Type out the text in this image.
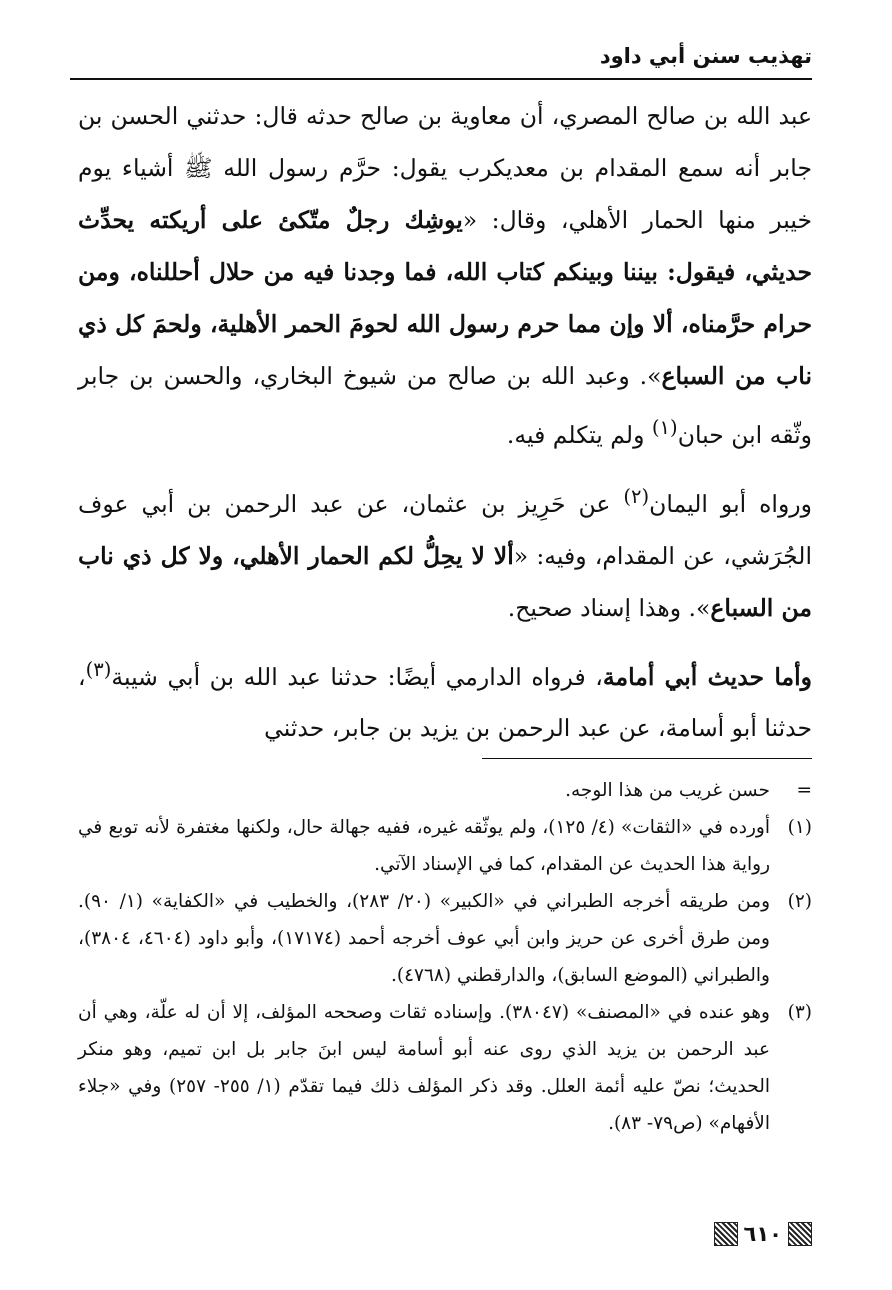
تهذيب سنن أبي داود

عبد الله بن صالح المصري، أن معاوية بن صالح حدثه قال: حدثني الحسن بن جابر أنه سمع المقدام بن معديكرب يقول: حرَّم رسول الله ﷺ أشياء يوم خيبر منها الحمار الأهلي، وقال: «يوشِك رجلٌ متّكئ على أريكته يحدِّث حديثي، فيقول: بيننا وبينكم كتاب الله، فما وجدنا فيه من حلال أحللناه، ومن حرام حرَّمناه، ألا وإن مما حرم رسول الله لحومَ الحمر الأهلية، ولحمَ كل ذي ناب من السباع». وعبد الله بن صالح من شيوخ البخاري، والحسن بن جابر وثّقه ابن حبان$^{(١)}$ ولم يتكلم فيه.

ورواه أبو اليمان$^{(٢)}$ عن حَرِيز بن عثمان، عن عبد الرحمن بن أبي عوف الجُرَشي، عن المقدام، وفيه: «ألا لا يحِلُّ لكم الحمار الأهلي، ولا كل ذي ناب من السباع». وهذا إسناد صحيح.

وأما حديث أبي أمامة، فرواه الدارمي أيضًا: حدثنا عبد الله بن أبي شيبة$^{(٣)}$، حدثنا أبو أسامة، عن عبد الرحمن بن يزيد بن جابر، حدثني

=
حسن غريب من هذا الوجه.
(١)
أورده في «الثقات» (٤/ ١٢٥)، ولم يوثّقه غيره، ففيه جهالة حال، ولكنها مغتفرة لأنه توبع في رواية هذا الحديث عن المقدام، كما في الإسناد الآتي.
(٢)
ومن طريقه أخرجه الطبراني في «الكبير» (٢٠/ ٢٨٣)، والخطيب في «الكفاية» (١/ ٩٠). ومن طرق أخرى عن حريز وابن أبي عوف أخرجه أحمد (١٧١٧٤)، وأبو داود (٤٦٠٤، ٣٨٠٤)، والطبراني (الموضع السابق)، والدارقطني (٤٧٦٨).
(٣)
وهو عنده في «المصنف» (٣٨٠٤٧). وإسناده ثقات وصححه المؤلف، إلا أن له علّة، وهي أن عبد الرحمن بن يزيد الذي روى عنه أبو أسامة ليس ابنَ جابر بل ابن تميم، وهو منكر الحديث؛ نصّ عليه أئمة العلل. وقد ذكر المؤلف ذلك فيما تقدّم (١/ ٢٥٥- ٢٥٧) وفي «جلاء الأفهام» (ص٧٩- ٨٣).
٦١٠
